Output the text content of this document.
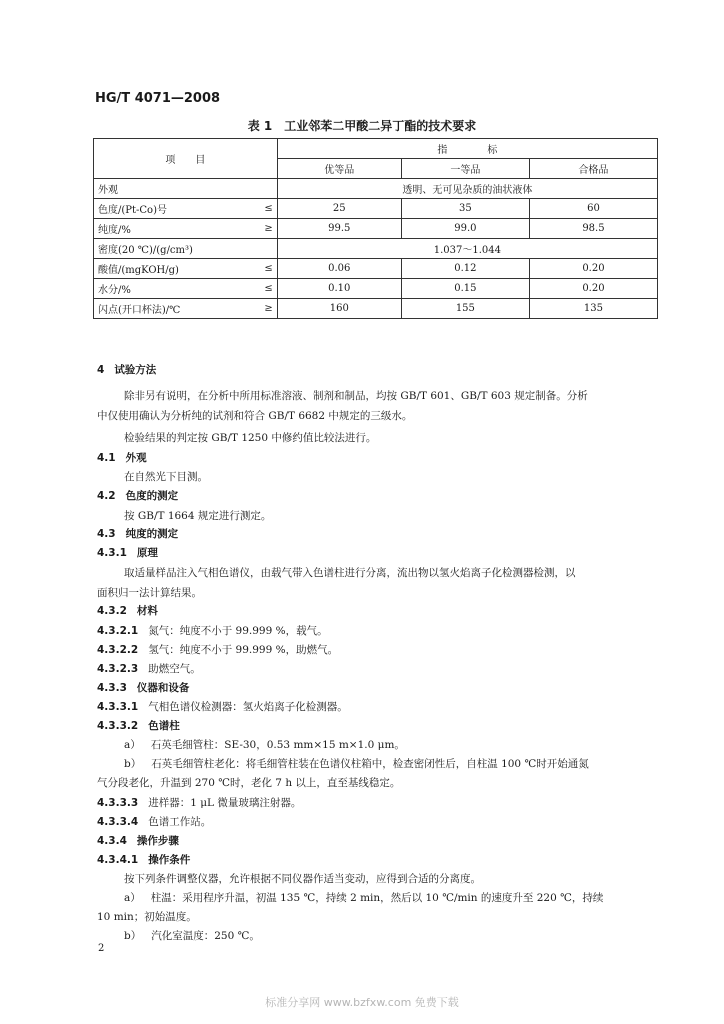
HG/T 4071—2008
表 1　工业邻苯二甲酸二异丁酯的技术要求
项　　目		指　　　　标		
		优等品	一等品	合格品
外观		透明、无可见杂质的油状液体		
色度/(Pt-Co)号	≤	25	35	60
纯度/%	≥	99.5	99.0	98.5
密度(20 ℃)/(g/cm³)		1.037～1.044		
酸值/(mgKOH/g)	≤	0.06	0.12	0.20
水分/%	≤	0.10	0.15	0.20
闪点(开口杯法)/℃	≥	160	155	135
4 试验方法
除非另有说明，在分析中所用标准溶液、制剂和制品，均按 GB/T 601、GB/T 603 规定制备。分析
中仅使用确认为分析纯的试剂和符合 GB/T 6682 中规定的三级水。
检验结果的判定按 GB/T 1250 中修约值比较法进行。
4.1 外观
在自然光下目测。
4.2 色度的测定
按 GB/T 1664 规定进行测定。
4.3 纯度的测定
4.3.1 原理
取适量样品注入气相色谱仪，由载气带入色谱柱进行分离，流出物以氢火焰离子化检测器检测，以
面积归一法计算结果。
4.3.2 材料
4.3.2.1 氮气：纯度不小于 99.999 %，载气。
4.3.2.2 氢气：纯度不小于 99.999 %，助燃气。
4.3.2.3 助燃空气。
4.3.3 仪器和设备
4.3.3.1 气相色谱仪检测器：氢火焰离子化检测器。
4.3.3.2 色谱柱
a） 石英毛细管柱：SE-30，0.53 mm×15 m×1.0 μm。
b） 石英毛细管柱老化：将毛细管柱装在色谱仪柱箱中，检查密闭性后，自柱温 100 ℃时开始通氮
气分段老化，升温到 270 ℃时，老化 7 h 以上，直至基线稳定。
4.3.3.3 进样器：1 μL 微量玻璃注射器。
4.3.3.4 色谱工作站。
4.3.4 操作步骤
4.3.4.1 操作条件
按下列条件调整仪器，允许根据不同仪器作适当变动，应得到合适的分离度。
a） 柱温：采用程序升温，初温 135 ℃，持续 2 min，然后以 10 ℃/min 的速度升至 220 ℃，持续
10 min；初始温度。
b） 汽化室温度：250 ℃。
2
标准分享网 www.bzfxw.com 免费下载
